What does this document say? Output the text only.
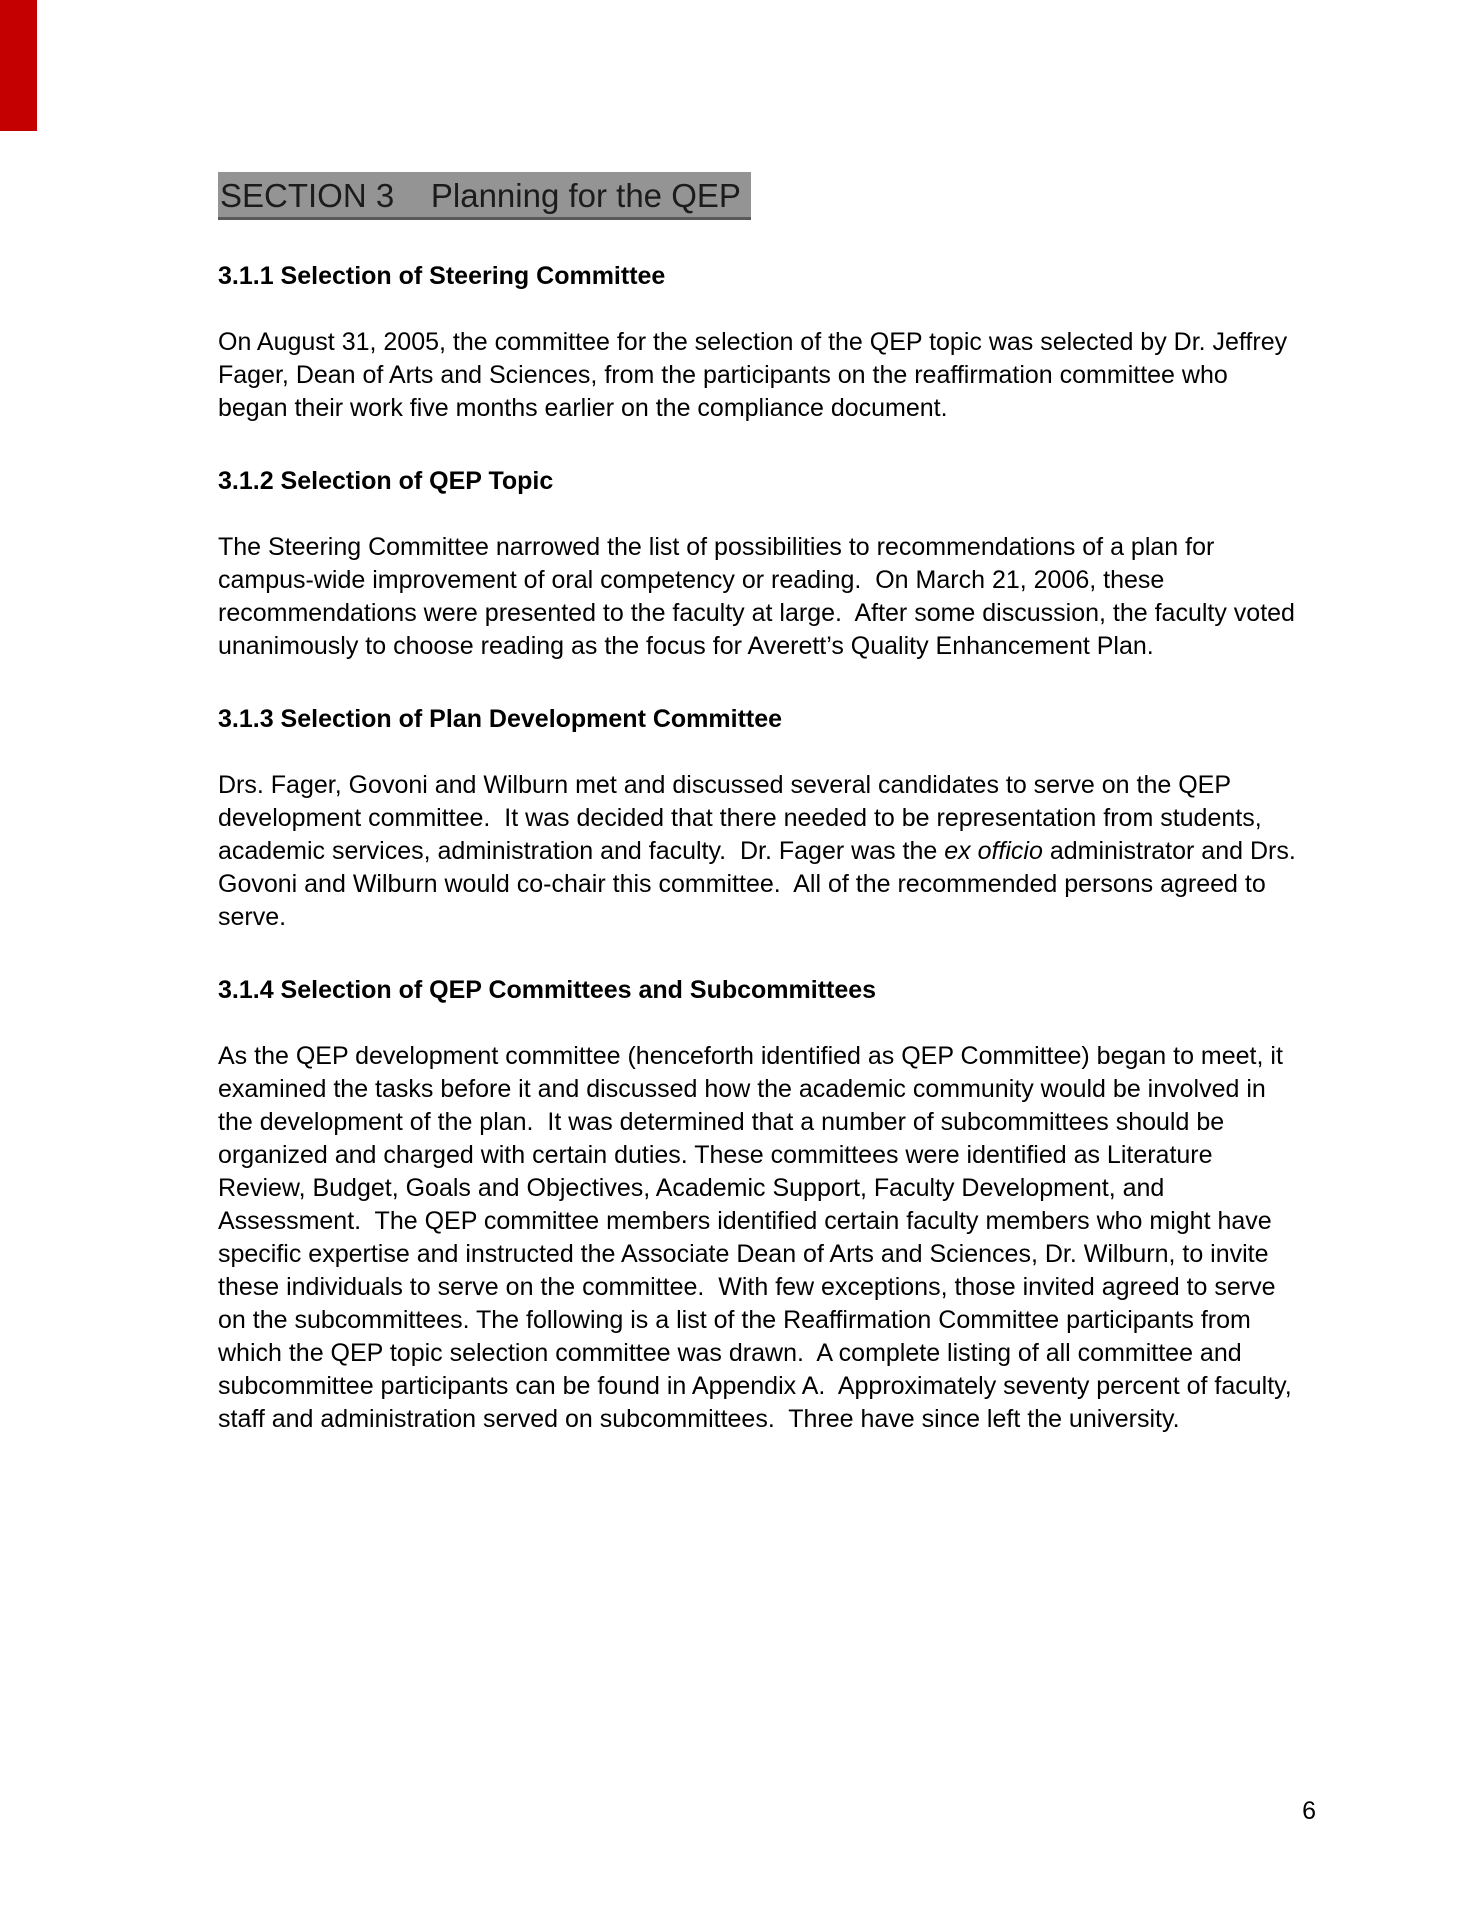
SECTION 3    Planning for the QEP
3.1.1 Selection of Steering Committee

On August 31, 2005, the committee for the selection of the QEP topic was selected by Dr. Jeffrey Fager, Dean of Arts and Sciences, from the participants on the reaffirmation committee who began their work five months earlier on the compliance document.

3.1.2 Selection of QEP Topic

The Steering Committee narrowed the list of possibilities to recommendations of a plan for campus-wide improvement of oral competency or reading.  On March 21, 2006, these recommendations were presented to the faculty at large.  After some discussion, the faculty voted unanimously to choose reading as the focus for Averett’s Quality Enhancement Plan.

3.1.3 Selection of Plan Development Committee

Drs. Fager, Govoni and Wilburn met and discussed several candidates to serve on the QEP development committee.  It was decided that there needed to be representation from students, academic services, administration and faculty.  Dr. Fager was the ex officio administrator and Drs. Govoni and Wilburn would co-chair this committee.  All of the recommended persons agreed to serve.

3.1.4 Selection of QEP Committees and Subcommittees

As the QEP development committee (henceforth identified as QEP Committee) began to meet, it examined the tasks before it and discussed how the academic community would be involved in the development of the plan.  It was determined that a number of subcommittees should be organized and charged with certain duties. These committees were identified as Literature Review, Budget, Goals and Objectives, Academic Support, Faculty Development, and Assessment.  The QEP committee members identified certain faculty members who might have specific expertise and instructed the Associate Dean of Arts and Sciences, Dr. Wilburn, to invite these individuals to serve on the committee.  With few exceptions, those invited agreed to serve on the subcommittees. The following is a list of the Reaffirmation Committee participants from which the QEP topic selection committee was drawn.  A complete listing of all committee and subcommittee participants can be found in Appendix A.  Approximately seventy percent of faculty, staff and administration served on subcommittees.  Three have since left the university.

6
